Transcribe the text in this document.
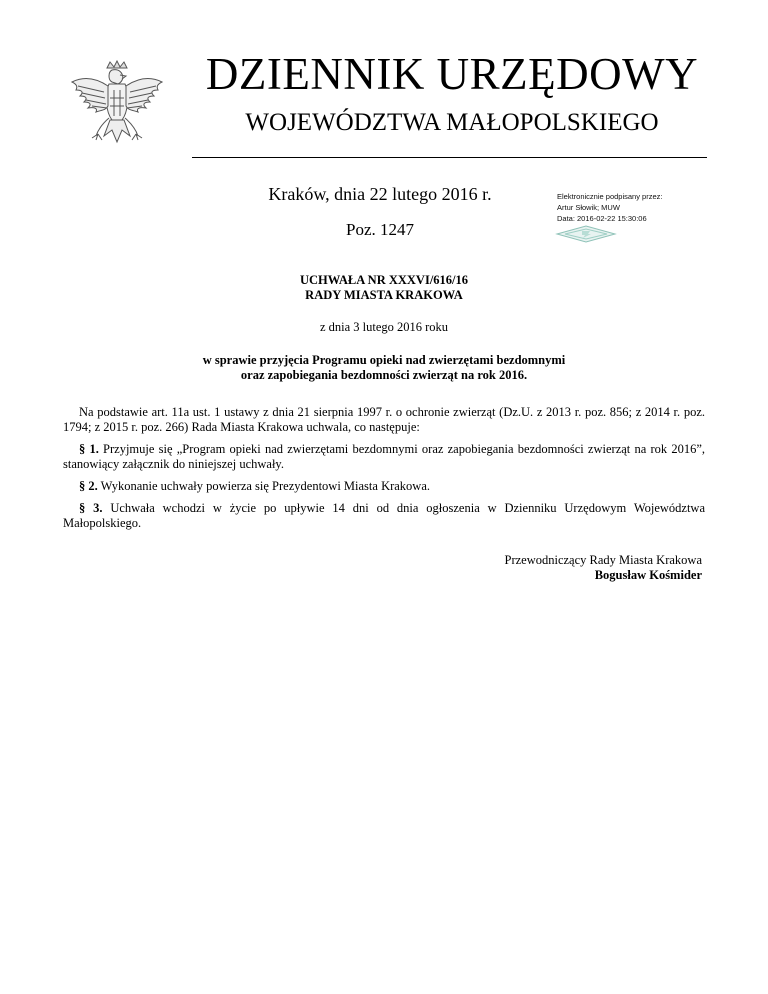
DZIENNIK URZĘDOWY
WOJEWÓDZTWA MAŁOPOLSKIEGO
Kraków, dnia 22 lutego 2016 r.
Poz. 1247
Elektronicznie podpisany przez:
Artur Słowik; MUW
Data: 2016-02-22 15:30:06
UCHWAŁA NR XXXVI/616/16
RADY MIASTA KRAKOWA
z dnia 3 lutego 2016 roku
w sprawie przyjęcia Programu opieki nad zwierzętami bezdomnymi
oraz zapobiegania bezdomności zwierząt na rok 2016.

Na podstawie art. 11a ust. 1 ustawy z dnia 21 sierpnia 1997 r. o ochronie zwierząt (Dz.U. z 2013 r. poz. 856; z 2014 r. poz. 1794; z 2015 r. poz. 266) Rada Miasta Krakowa uchwala, co następuje:

§ 1. Przyjmuje się „Program opieki nad zwierzętami bezdomnymi oraz zapobiegania bezdomności zwierząt na rok 2016”, stanowiący załącznik do niniejszej uchwały.

§ 2. Wykonanie uchwały powierza się Prezydentowi Miasta Krakowa.

§ 3. Uchwała wchodzi w życie po upływie 14 dni od dnia ogłoszenia w Dzienniku Urzędowym Województwa Małopolskiego.

Przewodniczący Rady Miasta Krakowa
Bogusław Kośmider
